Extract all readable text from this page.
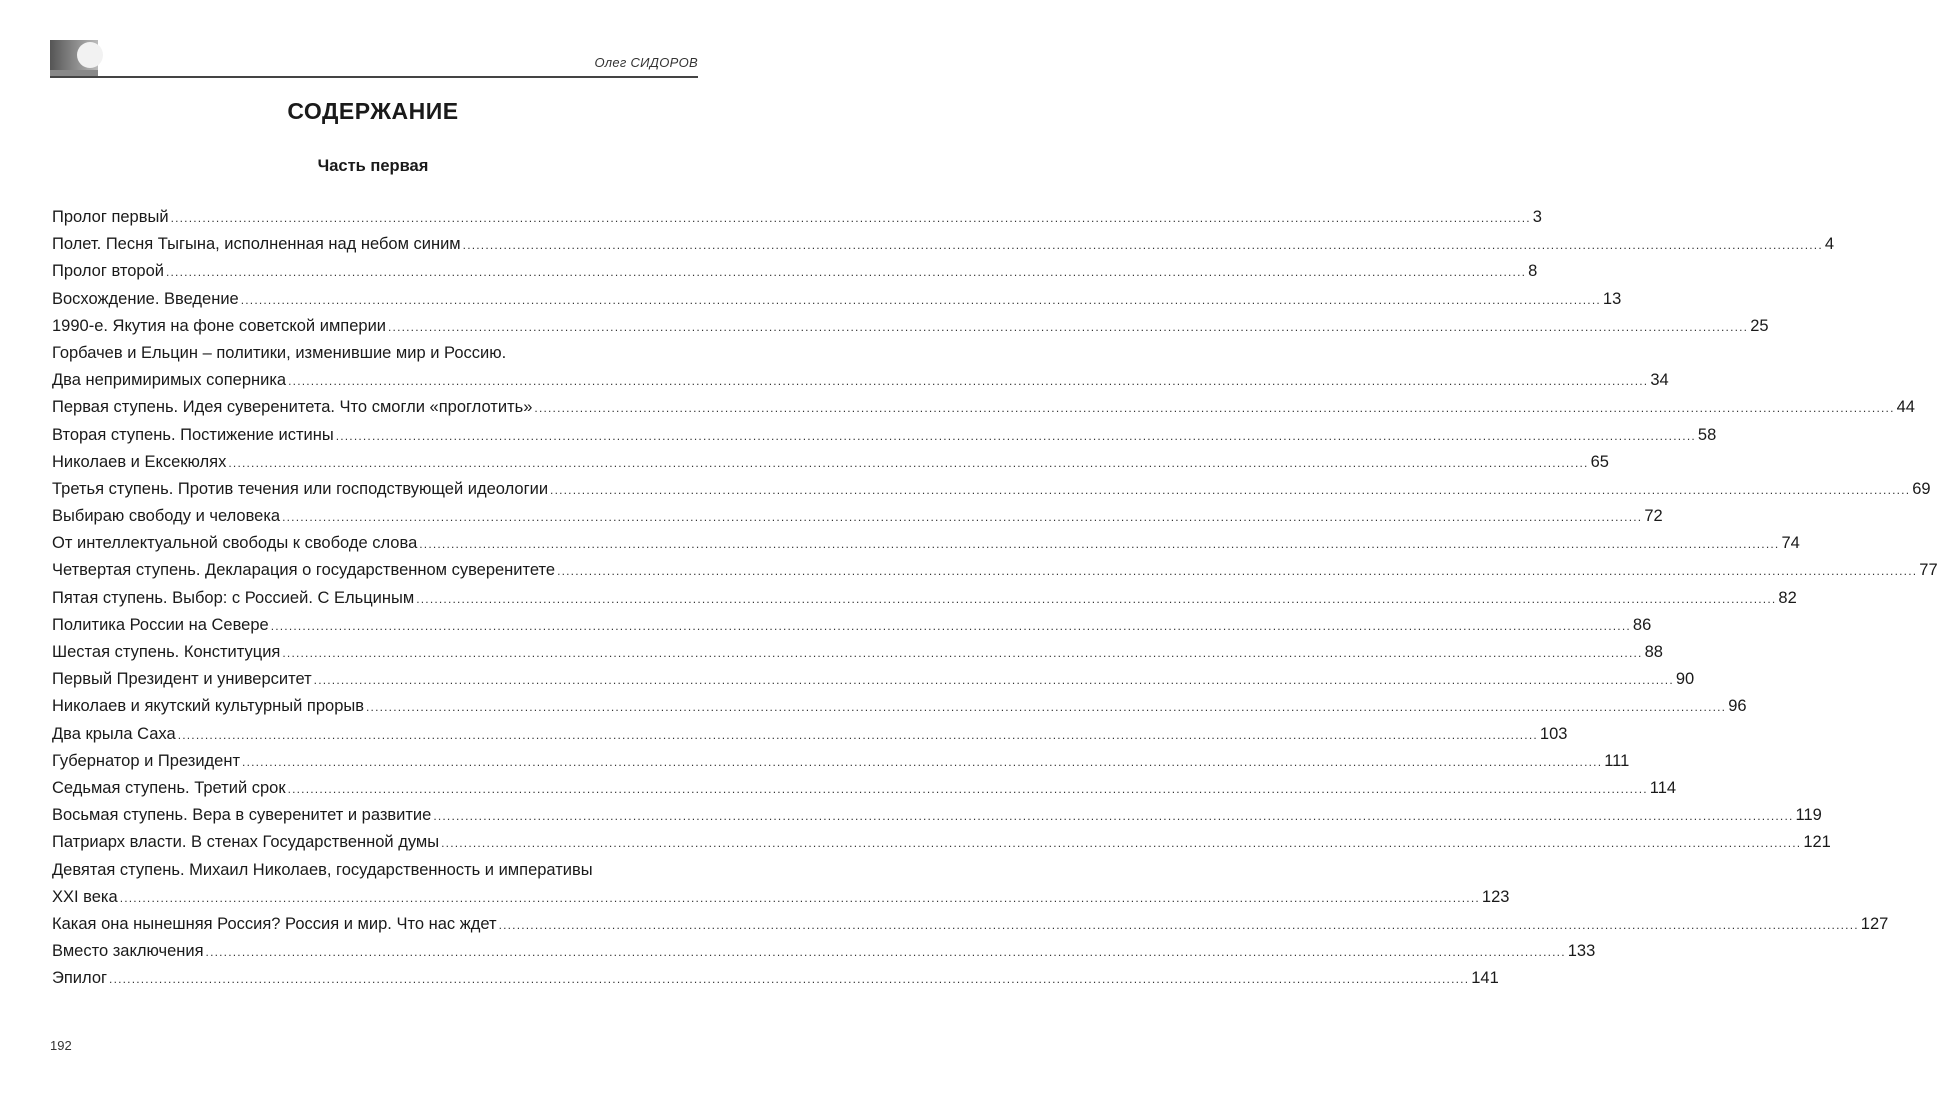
Олег СИДОРОВ
СОДЕРЖАНИЕ
Часть первая
Пролог первый ............................................................................................................................................................................................................................................................................................................ 3
Полет. Песня Тыгына, исполненная над небом синим ............................................................................................................................................................................................................................................................................................................ 4
Пролог второй ............................................................................................................................................................................................................................................................................................................ 8
Восхождение. Введение ............................................................................................................................................................................................................................................................................................................ 13
1990-е. Якутия на фоне советской империи ............................................................................................................................................................................................................................................................................................................ 25
Горбачев и Ельцин – политики, изменившие мир и Россию.
Два непримиримых соперника ............................................................................................................................................................................................................................................................................................................ 34
Первая ступень. Идея суверенитета. Что смогли «проглотить» ............................................................................................................................................................................................................................................................................................................ 44
Вторая ступень. Постижение истины ............................................................................................................................................................................................................................................................................................................ 58
Николаев и Ексекюлях ............................................................................................................................................................................................................................................................................................................ 65
Третья ступень. Против течения или господствующей идеологии ............................................................................................................................................................................................................................................................................................................ 69
Выбираю свободу и человека ............................................................................................................................................................................................................................................................................................................ 72
От интеллектуальной свободы к свободе слова ............................................................................................................................................................................................................................................................................................................ 74
Четвертая ступень. Декларация о государственном суверенитете ............................................................................................................................................................................................................................................................................................................ 77
Пятая ступень. Выбор: с Россией. С Ельциным ............................................................................................................................................................................................................................................................................................................ 82
Политика России на Севере ............................................................................................................................................................................................................................................................................................................ 86
Шестая ступень. Конституция ............................................................................................................................................................................................................................................................................................................ 88
Первый Президент и университет ............................................................................................................................................................................................................................................................................................................ 90
Николаев и якутский культурный прорыв ............................................................................................................................................................................................................................................................................................................ 96
Два крыла Саха ............................................................................................................................................................................................................................................................................................................ 103
Губернатор и Президент ............................................................................................................................................................................................................................................................................................................ 111
Седьмая ступень. Третий срок ............................................................................................................................................................................................................................................................................................................ 114
Восьмая ступень. Вера в суверенитет и развитие ............................................................................................................................................................................................................................................................................................................ 119
Патриарх власти. В стенах Государственной думы ............................................................................................................................................................................................................................................................................................................ 121
Девятая ступень. Михаил Николаев, государственность и императивы
XXI века ............................................................................................................................................................................................................................................................................................................ 123
Какая она нынешняя Россия? Россия и мир. Что нас ждет ............................................................................................................................................................................................................................................................................................................ 127
Вместо заключения ............................................................................................................................................................................................................................................................................................................ 133
Эпилог ............................................................................................................................................................................................................................................................................................................ 141
192
